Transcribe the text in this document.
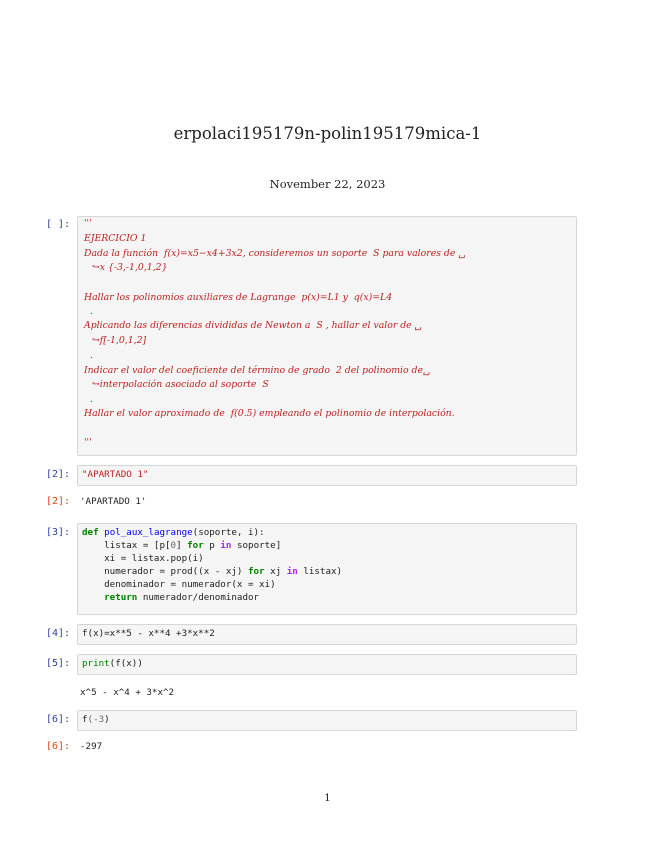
erpolaci195179n-polin195179mica-1
November 22, 2023
[ ]:	'''
EJERCICIO 1
Dada la función  f(x)=x5−x4+3x2, consideremos un soporte  S para valores de ␣
↪x {-3,-1,0,1,2}
Hallar los polinomios auxiliares de Lagrange  p(x)=L1 y  q(x)=L4
.
Aplicando las diferencias divididas de Newton a  S , hallar el valor de ␣
↪f[-1,0,1,2]
.
Indicar el valor del coeficiente del término de grado  2 del polinomio de␣
↪interpolación asociado al soporte  S
.
Hallar el valor aproximado de  f(0.5) empleando el polinomio de interpolación.
'''
[2]:	"APARTADO 1"
[2]:	'APARTADO 1'
[3]:	def pol_aux_lagrange(soporte, i):
listax = [p[0] for p in soporte]
xi = listax.pop(i)
numerador = prod((x - xj) for xj in listax)
denominador = numerador(x = xi)
return numerador/denominador
[4]:	f(x)=x**5 - x**4 +3*x**2
[5]:	print(f(x))
x^5 - x^4 + 3*x^2
[6]:	f(-3)
[6]:	-297
1
